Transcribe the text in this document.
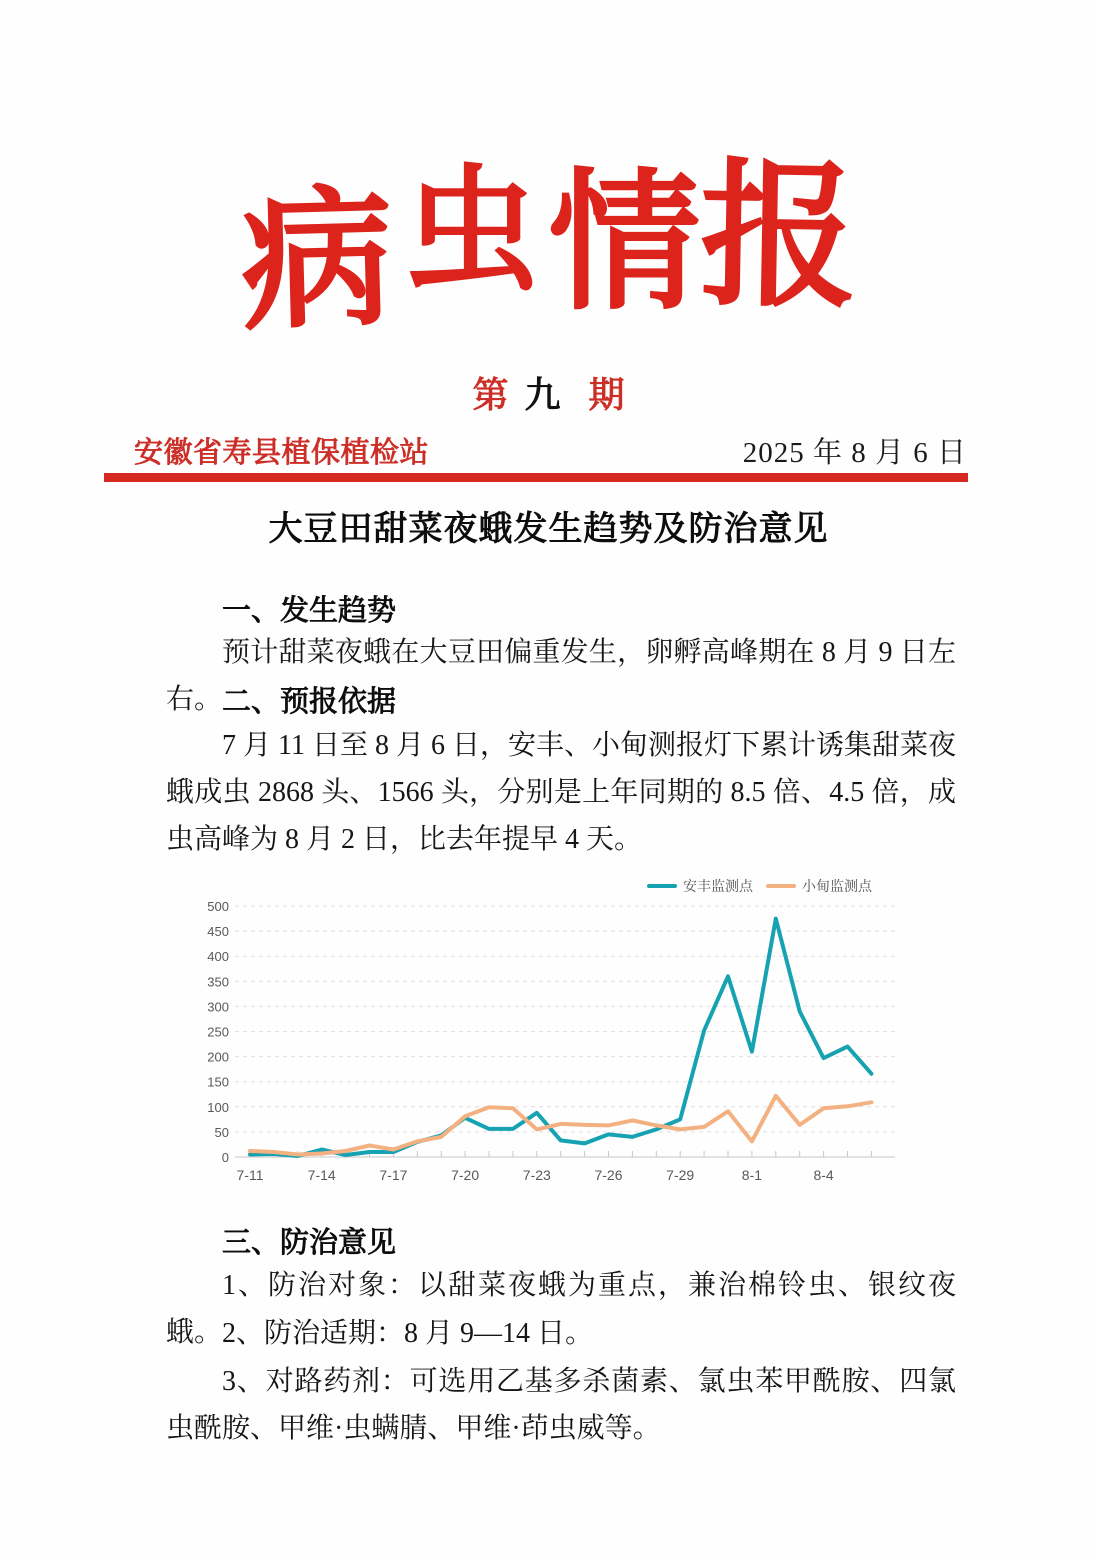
病虫情报
第 九 期
安徽省寿县植保植检站	2025 年 8 月 6 日
大豆田甜菜夜蛾发生趋势及防治意见
一、发生趋势

预计甜菜夜蛾在大豆田偏重发生，卵孵高峰期在 8 月 9 日左右。 二、预报依据

7 月 11 日至 8 月 6 日，安丰、小甸测报灯下累计诱集甜菜夜蛾成虫 2868 头、1566 头，分别是上年同期的 8.5 倍、4.5 倍，成虫高峰为 8 月 2 日，比去年提早 4 天。

0
50
100
150
200
250
300
350
400
450
500
7-11	7-14	7-17	7-20	7-23	7-26	7-29	8-1	8-4
安丰监测点	小甸监测点
三、防治意见

1、防治对象：以甜菜夜蛾为重点，兼治棉铃虫、银纹夜蛾。 2、防治适期：8 月 9—14 日。

3、对路药剂：可选用乙基多杀菌素、氯虫苯甲酰胺、四氯虫酰胺、甲维·虫螨腈、甲维·茚虫威等。
